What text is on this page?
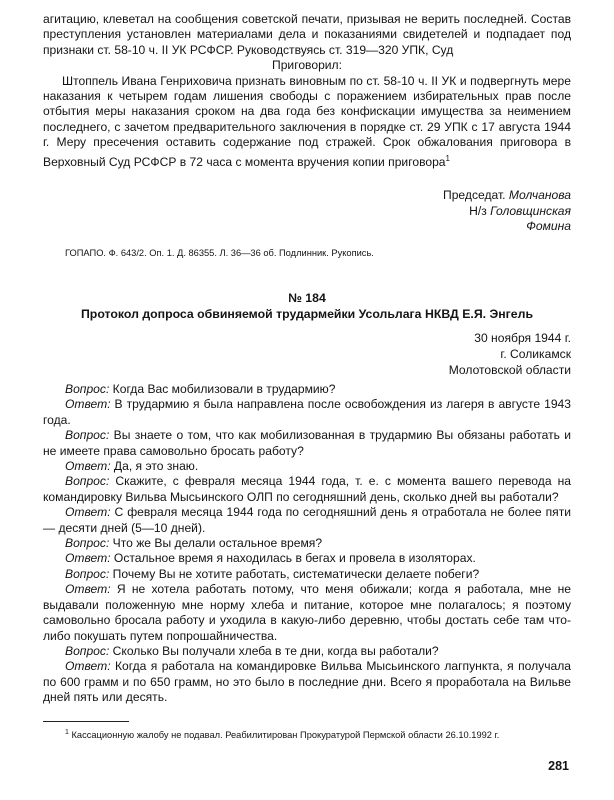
агитацию, клеветал на сообщения советской печати, призывая не верить последней. Состав преступления установлен материалами дела и показаниями свидетелей и подпадает под признаки ст. 58-10 ч. II УК РСФСР. Руководствуясь ст. 319—320 УПК, Суд

Приговорил:

Штоппель Ивана Генриховича признать виновным по ст. 58-10 ч. II УК и подвергнуть мере наказания к четырем годам лишения свободы с поражением избирательных прав после отбытия меры наказания сроком на два года без конфискации имущества за неимением последнего, с зачетом предварительного заключения в порядке ст. 29 УПК с 17 августа 1944 г. Меру пресечения оставить содержание под стражей. Срок обжалования приговора в Верховный Суд РСФСР в 72 часа с момента вручения копии приговора$^1$

Председат. Молчанова

Н/з Головщинская

Фомина

ГОПАПО. Ф. 643/2. Оп. 1. Д. 86355. Л. 36—36 об. Подлинник. Рукопись.
№ 184
Протокол допроса обвиняемой трудармейки Усольлага НКВД Е.Я. Энгель

30 ноября 1944 г.

г. Соликамск

Молотовской области

Вопрос: Когда Вас мобилизовали в трудармию?

Ответ: В трудармию я была направлена после освобождения из лагеря в августе 1943 года.

Вопрос: Вы знаете о том, что как мобилизованная в трудармию Вы обязаны работать и не имеете права самовольно бросать работу?

Ответ: Да, я это знаю.

Вопрос: Скажите, с февраля месяца 1944 года, т. е. с момента вашего перевода на командировку Вильва Мысьинского ОЛП по сегодняшний день, сколько дней вы работали?

Ответ: С февраля месяца 1944 года по сегодняшний день я отработала не более пяти — десяти дней (5—10 дней).

Вопрос: Что же Вы делали остальное время?

Ответ: Остальное время я находилась в бегах и провела в изоляторах.

Вопрос: Почему Вы не хотите работать, систематически делаете побеги?

Ответ: Я не хотела работать потому, что меня обижали; когда я работала, мне не выдавали положенную мне норму хлеба и питание, которое мне полагалось; я поэтому самовольно бросала работу и уходила в какую-либо деревню, чтобы достать себе там что-либо покушать путем попрошайничества.

Вопрос: Сколько Вы получали хлеба в те дни, когда вы работали?

Ответ: Когда я работала на командировке Вильва Мысьинского лагпункта, я получала по 600 грамм и по 650 грамм, но это было в последние дни. Всего я проработала на Вильве дней пять или десять.

$^1$ Кассационную жалобу не подавал. Реабилитирован Прокуратурой Пермской области 26.10.1992 г.
281
